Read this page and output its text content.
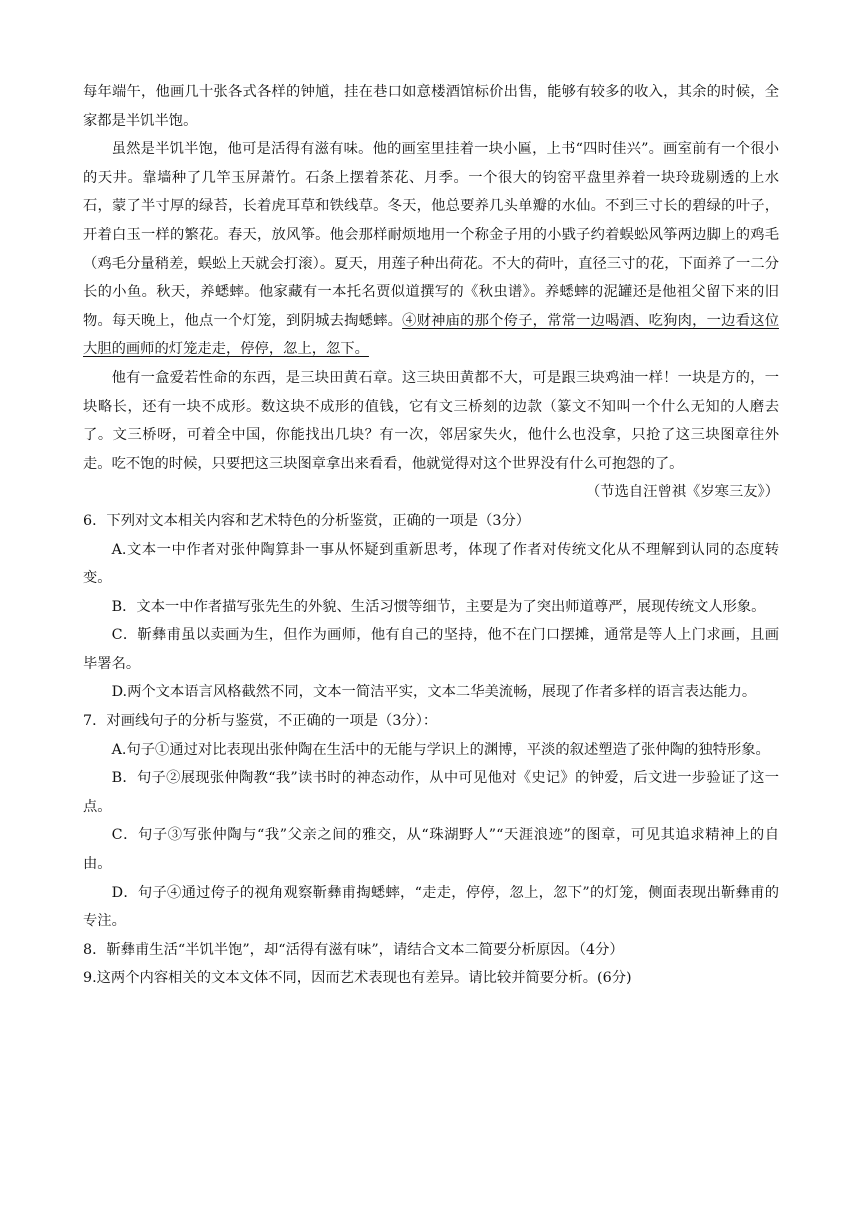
每年端午，他画几十张各式各样的钟馗，挂在巷口如意楼酒馆标价出售，能够有较多的收入，其余的时候，全家都是半饥半饱。

虽然是半饥半饱，他可是活得有滋有味。他的画室里挂着一块小匾，上书“四时佳兴”。画室前有一个很小的天井。靠墙种了几竿玉屏萧竹。石条上摆着茶花、月季。一个很大的钧窑平盘里养着一块玲珑剔透的上水石，蒙了半寸厚的绿苔，长着虎耳草和铁线草。冬天，他总要养几头单瓣的水仙。不到三寸长的碧绿的叶子，开着白玉一样的繁花。春天，放风筝。他会那样耐烦地用一个称金子用的小戥子约着蜈蚣风筝两边脚上的鸡毛（鸡毛分量稍差，蜈蚣上天就会打滚）。夏天，用莲子种出荷花。不大的荷叶，直径三寸的花，下面养了一二分长的小鱼。秋天，养蟋蟀。他家藏有一本托名贾似道撰写的《秋虫谱》。养蟋蟀的泥罐还是他祖父留下来的旧物。每天晚上，他点一个灯笼，到阴城去掏蟋蟀。④财神庙的那个侉子，常常一边喝酒、吃狗肉，一边看这位大胆的画师的灯笼走走，停停，忽上，忽下。

他有一盒爱若性命的东西，是三块田黄石章。这三块田黄都不大，可是跟三块鸡油一样！一块是方的，一块略长，还有一块不成形。数这块不成形的值钱，它有文三桥刻的边款（篆文不知叫一个什么无知的人磨去了。文三桥呀，可着全中国，你能找出几块？有一次，邻居家失火，他什么也没拿，只抢了这三块图章往外走。吃不饱的时候，只要把这三块图章拿出来看看，他就觉得对这个世界没有什么可抱怨的了。

（节选自汪曾祺《岁寒三友》）

6．下列对文本相关内容和艺术特色的分析鉴赏，正确的一项是（3分）

A.文本一中作者对张仲陶算卦一事从怀疑到重新思考，体现了作者对传统文化从不理解到认同的态度转变。

B．文本一中作者描写张先生的外貌、生活习惯等细节，主要是为了突出师道尊严，展现传统文人形象。

C．靳彝甫虽以卖画为生，但作为画师，他有自己的坚持，他不在门口摆摊，通常是等人上门求画，且画毕署名。

D.两个文本语言风格截然不同，文本一简洁平实，文本二华美流畅，展现了作者多样的语言表达能力。

7．对画线句子的分析与鉴赏，不正确的一项是（3分）：

A.句子①通过对比表现出张仲陶在生活中的无能与学识上的渊博，平淡的叙述塑造了张仲陶的独特形象。

B．句子②展现张仲陶教“我”读书时的神态动作，从中可见他对《史记》的钟爱，后文进一步验证了这一点。

C．句子③写张仲陶与“我”父亲之间的雅交，从“珠湖野人”“天涯浪迹”的图章，可见其追求精神上的自由。

D．句子④通过侉子的视角观察靳彝甫掏蟋蟀，“走走，停停，忽上，忽下”的灯笼，侧面表现出靳彝甫的专注。

8．靳彝甫生活“半饥半饱”，却“活得有滋有味”，请结合文本二简要分析原因。（4分）

9.这两个内容相关的文本文体不同，因而艺术表现也有差异。请比较并简要分析。(6分)
